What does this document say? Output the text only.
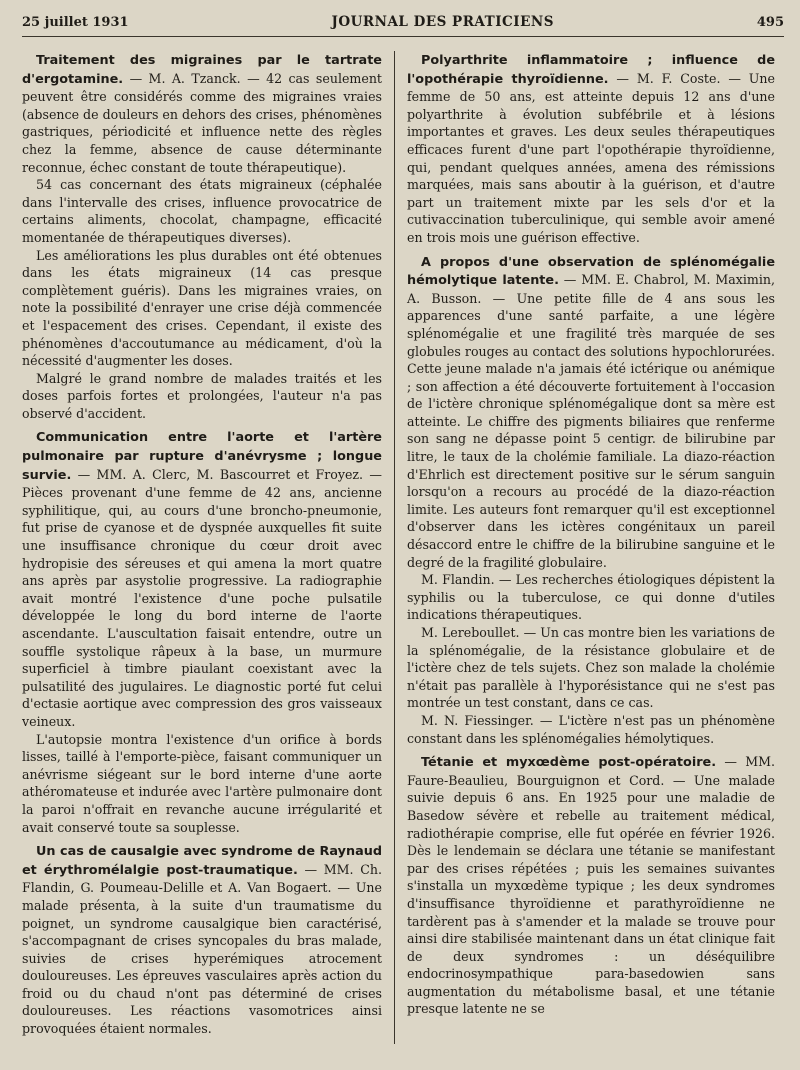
25 juillet 1931	JOURNAL DES PRATICIENS	495

Traitement des migraines par le tartrate d'ergotamine. — M. A. Tzanck. — 42 cas seulement peuvent être considérés comme des migraines vraies (absence de douleurs en dehors des crises, phénomènes gastriques, périodicité et influence nette des règles chez la femme, absence de cause déterminante reconnue, échec constant de toute thérapeutique).

54 cas concernant des états migraineux (céphalée dans l'intervalle des crises, influence provocatrice de certains aliments, chocolat, champagne, efficacité momentanée de thérapeutiques diverses).

Les améliorations les plus durables ont été obtenues dans les états migraineux (14 cas presque complètement guéris). Dans les migraines vraies, on note la possibilité d'enrayer une crise déjà commencée et l'espacement des crises. Cependant, il existe des phénomènes d'accoutumance au médicament, d'où la nécessité d'augmenter les doses.

Malgré le grand nombre de malades traités et les doses parfois fortes et prolongées, l'auteur n'a pas observé d'accident.

Communication entre l'aorte et l'artère pulmonaire par rupture d'anévrysme ; longue survie. — MM. A. Clerc, M. Bascourret et Froyez. — Pièces provenant d'une femme de 42 ans, ancienne syphilitique, qui, au cours d'une broncho-pneumonie, fut prise de cyanose et de dyspnée auxquelles fit suite une insuffisance chronique du cœur droit avec hydropisie des séreuses et qui amena la mort quatre ans après par asystolie progressive. La radiographie avait montré l'existence d'une poche pulsatile développée le long du bord interne de l'aorte ascendante. L'auscultation faisait entendre, outre un souffle systolique râpeux à la base, un murmure superficiel à timbre piaulant coexistant avec la pulsatilité des jugulaires. Le diagnostic porté fut celui d'ectasie aortique avec compression des gros vaisseaux veineux.

L'autopsie montra l'existence d'un orifice à bords lisses, taillé à l'emporte-pièce, faisant communiquer un anévrisme siégeant sur le bord interne d'une aorte athéromateuse et indurée avec l'artère pulmonaire dont la paroi n'offrait en revanche aucune irrégularité et avait conservé toute sa souplesse.

Un cas de causalgie avec syndrome de Raynaud et érythromélalgie post-traumatique. — MM. Ch. Flandin, G. Poumeau-Delille et A. Van Bogaert. — Une malade présenta, à la suite d'un traumatisme du poignet, un syndrome causalgique bien caractérisé, s'accompagnant de crises syncopales du bras malade, suivies de crises hyperémiques atrocement douloureuses. Les épreuves vasculaires après action du froid ou du chaud n'ont pas déterminé de crises douloureuses. Les réactions vasomotrices ainsi provoquées étaient normales.

Polyarthrite inflammatoire ; influence de l'opothérapie thyroïdienne. — M. F. Coste. — Une femme de 50 ans, est atteinte depuis 12 ans d'une polyarthrite à évolution subfébrile et à lésions importantes et graves. Les deux seules thérapeutiques efficaces furent d'une part l'opothérapie thyroïdienne, qui, pendant quelques années, amena des rémissions marquées, mais sans aboutir à la guérison, et d'autre part un traitement mixte par les sels d'or et la cutivaccination tuberculinique, qui semble avoir amené en trois mois une guérison effective.

A propos d'une observation de splénomégalie hémolytique latente. — MM. E. Chabrol, M. Maximin, A. Busson. — Une petite fille de 4 ans sous les apparences d'une santé parfaite, a une légère splénomégalie et une fragilité très marquée de ses globules rouges au contact des solutions hypochlorurées. Cette jeune malade n'a jamais été ictérique ou anémique ; son affection a été découverte fortuitement à l'occasion de l'ictère chronique splénomégalique dont sa mère est atteinte. Le chiffre des pigments biliaires que renferme son sang ne dépasse point 5 centigr. de bilirubine par litre, le taux de la cholémie familiale. La diazo-réaction d'Ehrlich est directement positive sur le sérum sanguin lorsqu'on a recours au procédé de la diazo-réaction limite. Les auteurs font remarquer qu'il est exceptionnel d'observer dans les ictères congénitaux un pareil désaccord entre le chiffre de la bilirubine sanguine et le degré de la fragilité globulaire.

M. Flandin. — Les recherches étiologiques dépistent la syphilis ou la tuberculose, ce qui donne d'utiles indications thérapeutiques.

M. Lereboullet. — Un cas montre bien les variations de la splénomégalie, de la résistance globulaire et de l'ictère chez de tels sujets. Chez son malade la cholémie n'était pas parallèle à l'hyporésistance qui ne s'est pas montrée un test constant, dans ce cas.

M. N. Fiessinger. — L'ictère n'est pas un phénomène constant dans les splénomégalies hémolytiques.

Tétanie et myxœdème post-opératoire. — MM. Faure-Beaulieu, Bourguignon et Cord. — Une malade suivie depuis 6 ans. En 1925 pour une maladie de Basedow sévère et rebelle au traitement médical, radiothérapie comprise, elle fut opérée en février 1926. Dès le lendemain se déclara une tétanie se manifestant par des crises répétées ; puis les semaines suivantes s'installa un myxœdème typique ; les deux syndromes d'insuffisance thyroïdienne et parathyroïdienne ne tardèrent pas à s'amender et la malade se trouve pour ainsi dire stabilisée maintenant dans un état clinique fait de deux syndromes : un déséquilibre endocrinosympathique para-basedowien sans augmentation du métabolisme basal, et une tétanie presque latente ne se
